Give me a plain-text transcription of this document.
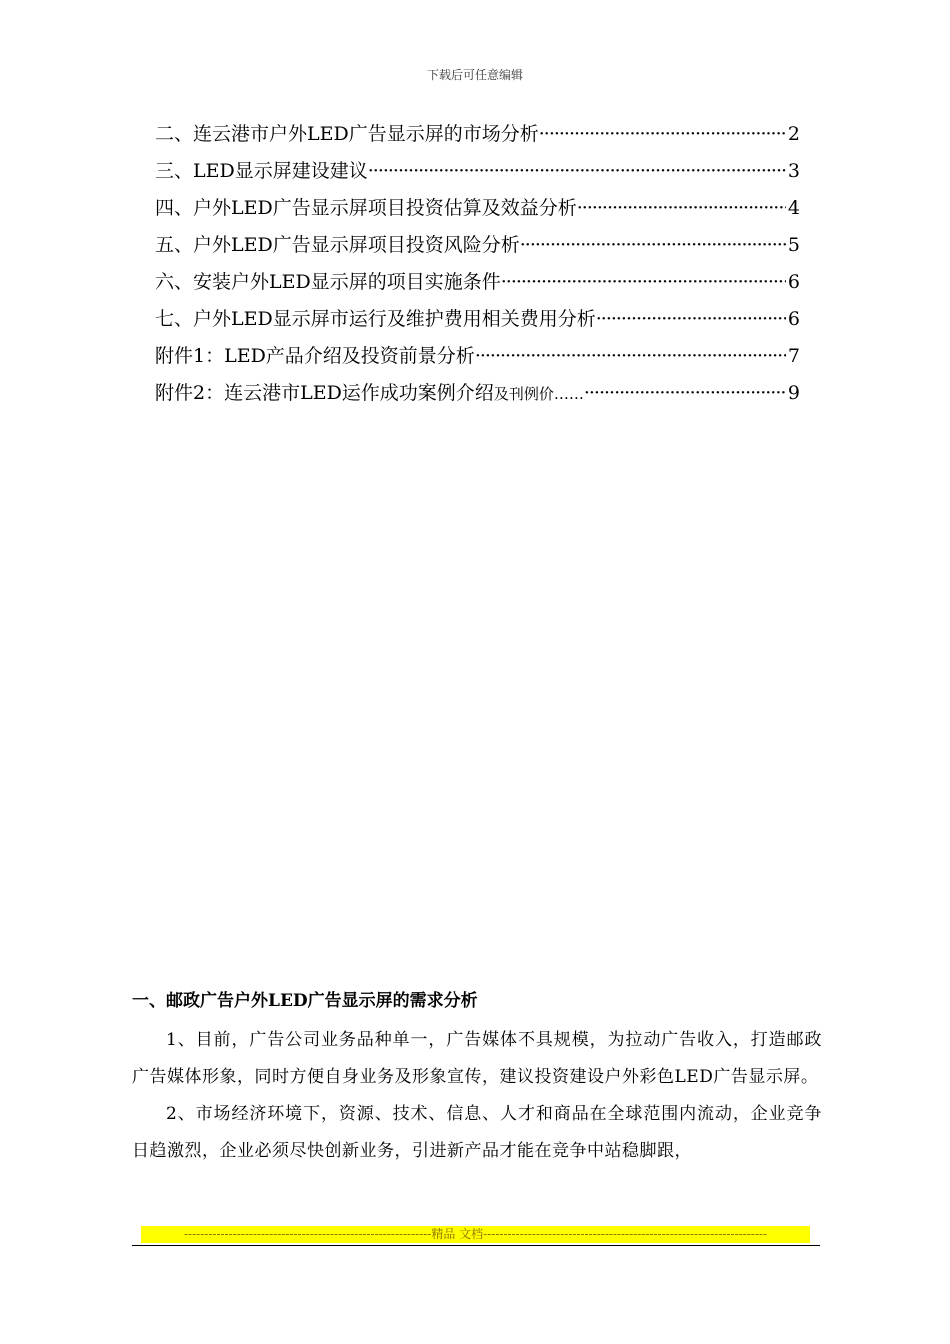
下载后可任意编辑
二、连云港市户外LED广告显示屏的市场分析 ·····	2
三、LED显示屏建设建议 ·····	3
四、户外LED广告显示屏项目投资估算及效益分析 ·····	4
五、户外LED广告显示屏项目投资风险分析 ·····	5
六、安装户外LED显示屏的项目实施条件 ·····	6
七、户外LED显示屏市运行及维护费用相关费用分析 ·····	6
附件1：LED产品介绍及投资前景分析 ·····	7
附件2：连云港市LED运作成功案例介绍及刊例价…… ·····	9
一、邮政广告户外LED广告显示屏的需求分析

1、目前，广告公司业务品种单一，广告媒体不具规模，为拉动广告收入，打造邮政广告媒体形象，同时方便自身业务及形象宣传，建议投资建设户外彩色LED广告显示屏。

2、市场经济环境下，资源、技术、信息、人才和商品在全球范围内流动，企业竞争日趋激烈，企业必须尽快创新业务，引进新产品才能在竞争中站稳脚跟，

-------------------------------------------------------------精品 文档----------------------------------------------------------------------
